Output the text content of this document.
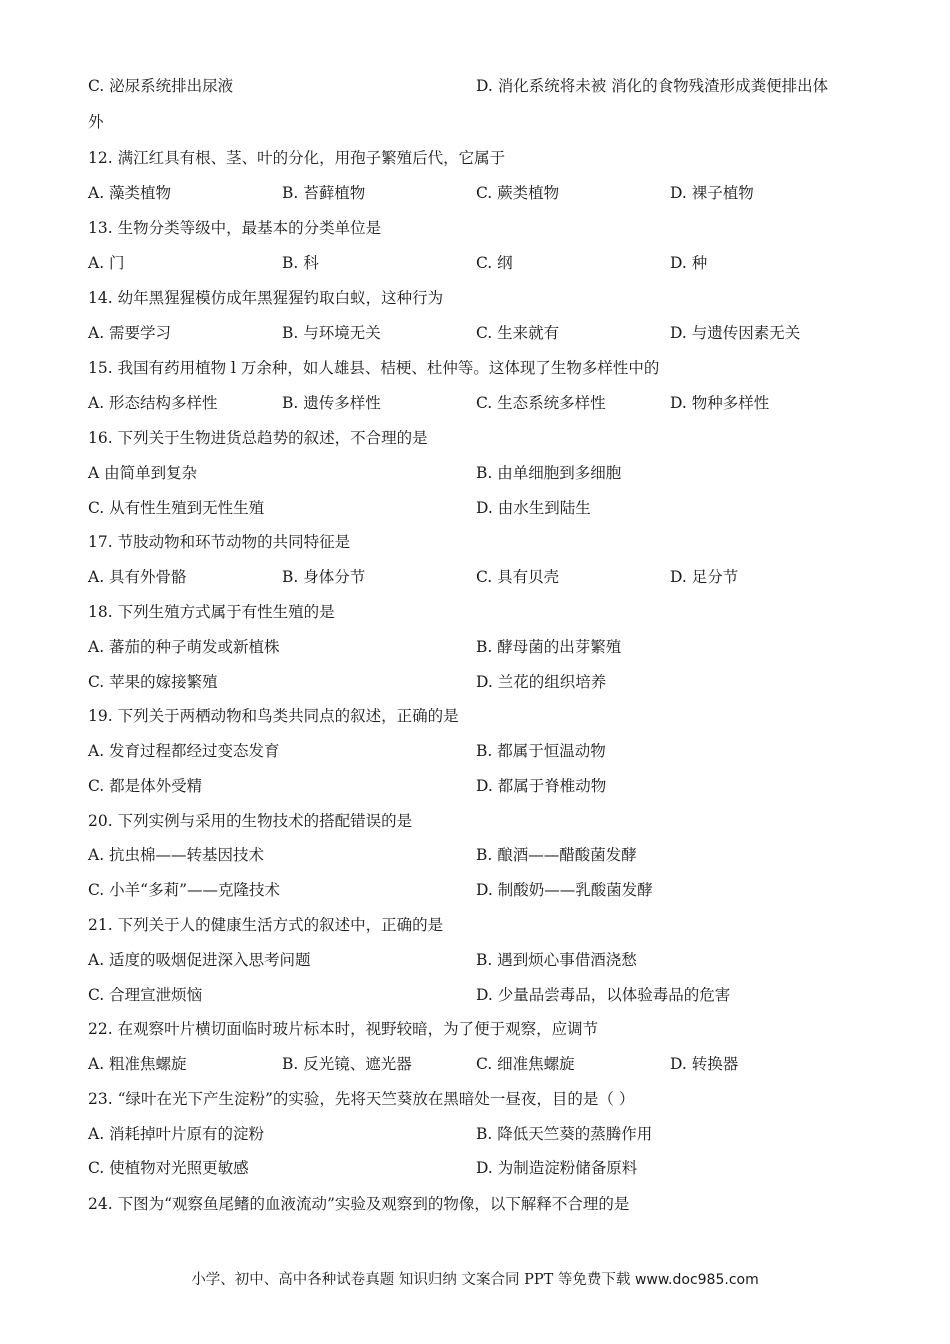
C. 泌尿系统排出尿液	D. 消化系统将未被 消化的食物残渣形成粪便排出体
外
12. 满江红具有根、茎、叶的分化，用孢子繁殖后代，它属于
A. 藻类植物	B. 苔藓植物	C. 蕨类植物	D. 裸子植物
13. 生物分类等级中，最基本的分类单位是
A. 门	B. 科	C. 纲	D. 种
14. 幼年黑猩猩模仿成年黑猩猩钓取白蚁，这种行为
A. 需要学习	B. 与环境无关	C. 生来就有	D. 与遗传因素无关
15. 我国有药用植物 l 万余种，如人雄县、桔梗、杜仲等。这体现了生物多样性中的
A. 形态结构多样性	B. 遗传多样性	C. 生态系统多样性	D. 物种多样性
16. 下列关于生物进货总趋势的叙述，不合理的是
A 由简单到复杂	B. 由单细胞到多细胞
C. 从有性生殖到无性生殖	D. 由水生到陆生
17. 节肢动物和环节动物的共同特征是
A. 具有外骨骼	B. 身体分节	C. 具有贝壳	D. 足分节
18. 下列生殖方式属于有性生殖的是
A. 蕃茄的种子萌发或新植株	B. 酵母菌的出芽繁殖
C. 苹果的嫁接繁殖	D. 兰花的组织培养
19. 下列关于两栖动物和鸟类共同点的叙述，正确的是
A. 发育过程都经过变态发育	B. 都属于恒温动物
C. 都是体外受精	D. 都属于脊椎动物
20. 下列实例与采用的生物技术的搭配错误的是
A. 抗虫棉——转基因技术	B. 酿酒——醋酸菌发酵
C. 小羊“多莉”——克隆技术	D. 制酸奶——乳酸菌发酵
21. 下列关于人的健康生活方式的叙述中，正确的是
A. 适度的吸烟促进深入思考问题	B. 遇到烦心事借酒浇愁
C. 合理宣泄烦恼	D. 少量品尝毒品，以体验毒品的危害
22. 在观察叶片横切面临时玻片标本时，视野较暗，为了便于观察，应调节
A. 粗准焦螺旋	B. 反光镜、遮光器	C. 细准焦螺旋	D. 转换器
23. “绿叶在光下产生淀粉”的实验，先将天竺葵放在黑暗处一昼夜，目的是（ ）
A. 消耗掉叶片原有的淀粉	B. 降低天竺葵的蒸腾作用
C. 使植物对光照更敏感	D. 为制造淀粉储备原料
24. 下图为“观察鱼尾鳍的血液流动”实验及观察到的物像，以下解释不合理的是
小学、初中、高中各种试卷真题 知识归纳 文案合同 PPT 等免费下载 www.doc985.com
